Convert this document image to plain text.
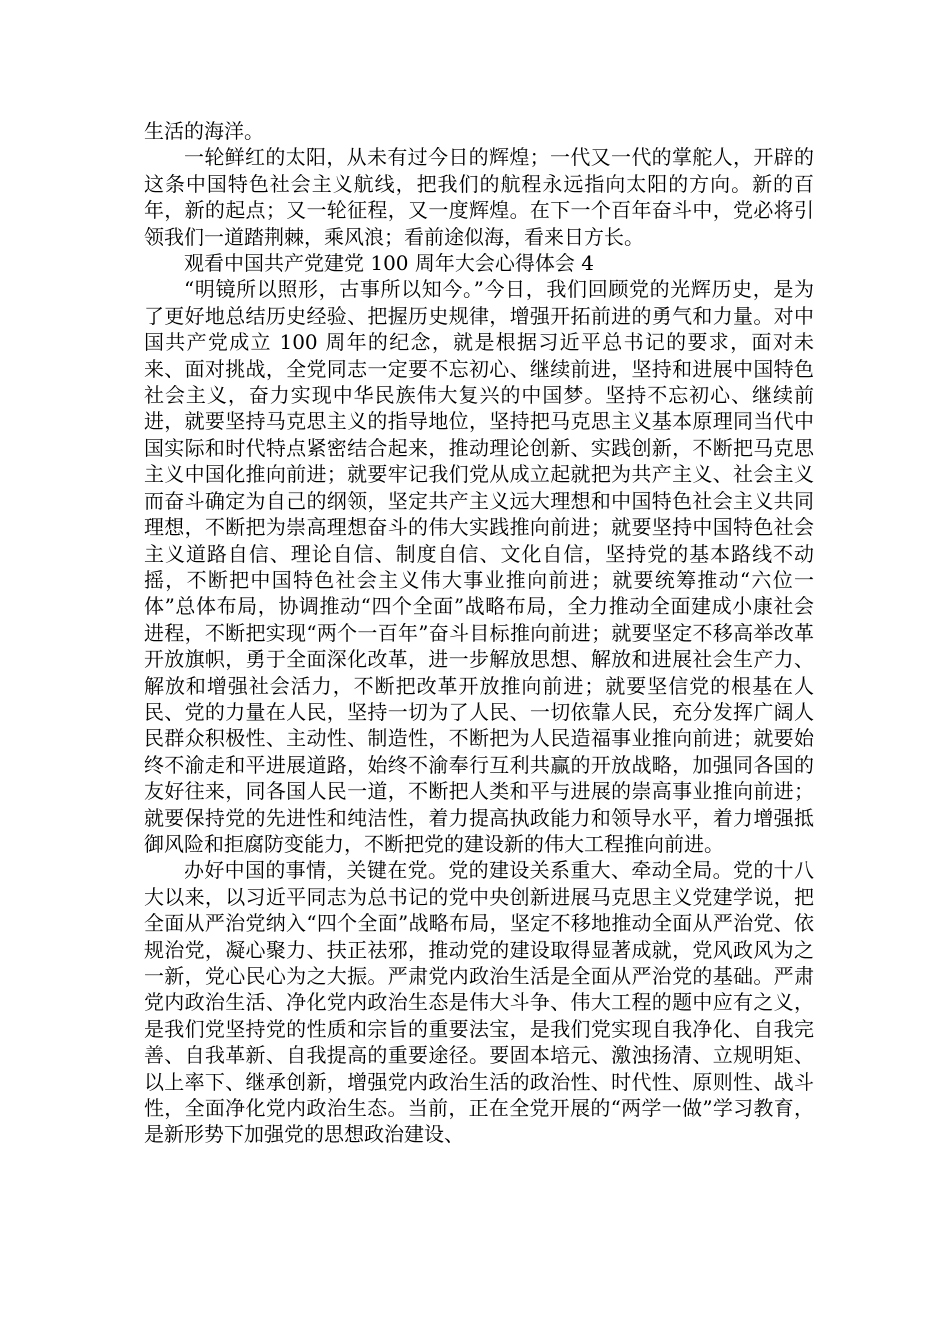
生活的海洋。

一轮鲜红的太阳，从未有过今日的辉煌；一代又一代的掌舵人，开辟的这条中国特色社会主义航线，把我们的航程永远指向太阳的方向。新的百年，新的起点；又一轮征程，又一度辉煌。在下一个百年奋斗中，党必将引领我们一道踏荆棘，乘风浪；看前途似海，看来日方长。

观看中国共产党建党 100 周年大会心得体会 4

“明镜所以照形，古事所以知今。”今日，我们回顾党的光辉历史，是为了更好地总结历史经验、把握历史规律，增强开拓前进的勇气和力量。对中国共产党成立 100 周年的纪念，就是根据习近平总书记的要求，面对未来、面对挑战，全党同志一定要不忘初心、继续前进，坚持和进展中国特色社会主义，奋力实现中华民族伟大复兴的中国梦。坚持不忘初心、继续前进，就要坚持马克思主义的指导地位，坚持把马克思主义基本原理同当代中国实际和时代特点紧密结合起来，推动理论创新、实践创新，不断把马克思主义中国化推向前进；就要牢记我们党从成立起就把为共产主义、社会主义而奋斗确定为自己的纲领，坚定共产主义远大理想和中国特色社会主义共同理想，不断把为崇高理想奋斗的伟大实践推向前进；就要坚持中国特色社会主义道路自信、理论自信、制度自信、文化自信，坚持党的基本路线不动摇，不断把中国特色社会主义伟大事业推向前进；就要统筹推动“六位一体”总体布局，协调推动“四个全面”战略布局，全力推动全面建成小康社会进程，不断把实现“两个一百年”奋斗目标推向前进；就要坚定不移高举改革开放旗帜，勇于全面深化改革，进一步解放思想、解放和进展社会生产力、解放和增强社会活力，不断把改革开放推向前进；就要坚信党的根基在人民、党的力量在人民，坚持一切为了人民、一切依靠人民，充分发挥广阔人民群众积极性、主动性、制造性，不断把为人民造福事业推向前进；就要始终不渝走和平进展道路，始终不渝奉行互利共赢的开放战略，加强同各国的友好往来，同各国人民一道，不断把人类和平与进展的崇高事业推向前进；就要保持党的先进性和纯洁性，着力提高执政能力和领导水平，着力增强抵御风险和拒腐防变能力，不断把党的建设新的伟大工程推向前进。

办好中国的事情，关键在党。党的建设关系重大、牵动全局。党的十八大以来，以习近平同志为总书记的党中央创新进展马克思主义党建学说，把全面从严治党纳入“四个全面”战略布局，坚定不移地推动全面从严治党、依规治党，凝心聚力、扶正祛邪，推动党的建设取得显著成就，党风政风为之一新，党心民心为之大振。严肃党内政治生活是全面从严治党的基础。严肃党内政治生活、净化党内政治生态是伟大斗争、伟大工程的题中应有之义，是我们党坚持党的性质和宗旨的重要法宝，是我们党实现自我净化、自我完善、自我革新、自我提高的重要途径。要固本培元、激浊扬清、立规明矩、以上率下、继承创新，增强党内政治生活的政治性、时代性、原则性、战斗性，全面净化党内政治生态。当前，正在全党开展的“两学一做”学习教育，是新形势下加强党的思想政治建设、
